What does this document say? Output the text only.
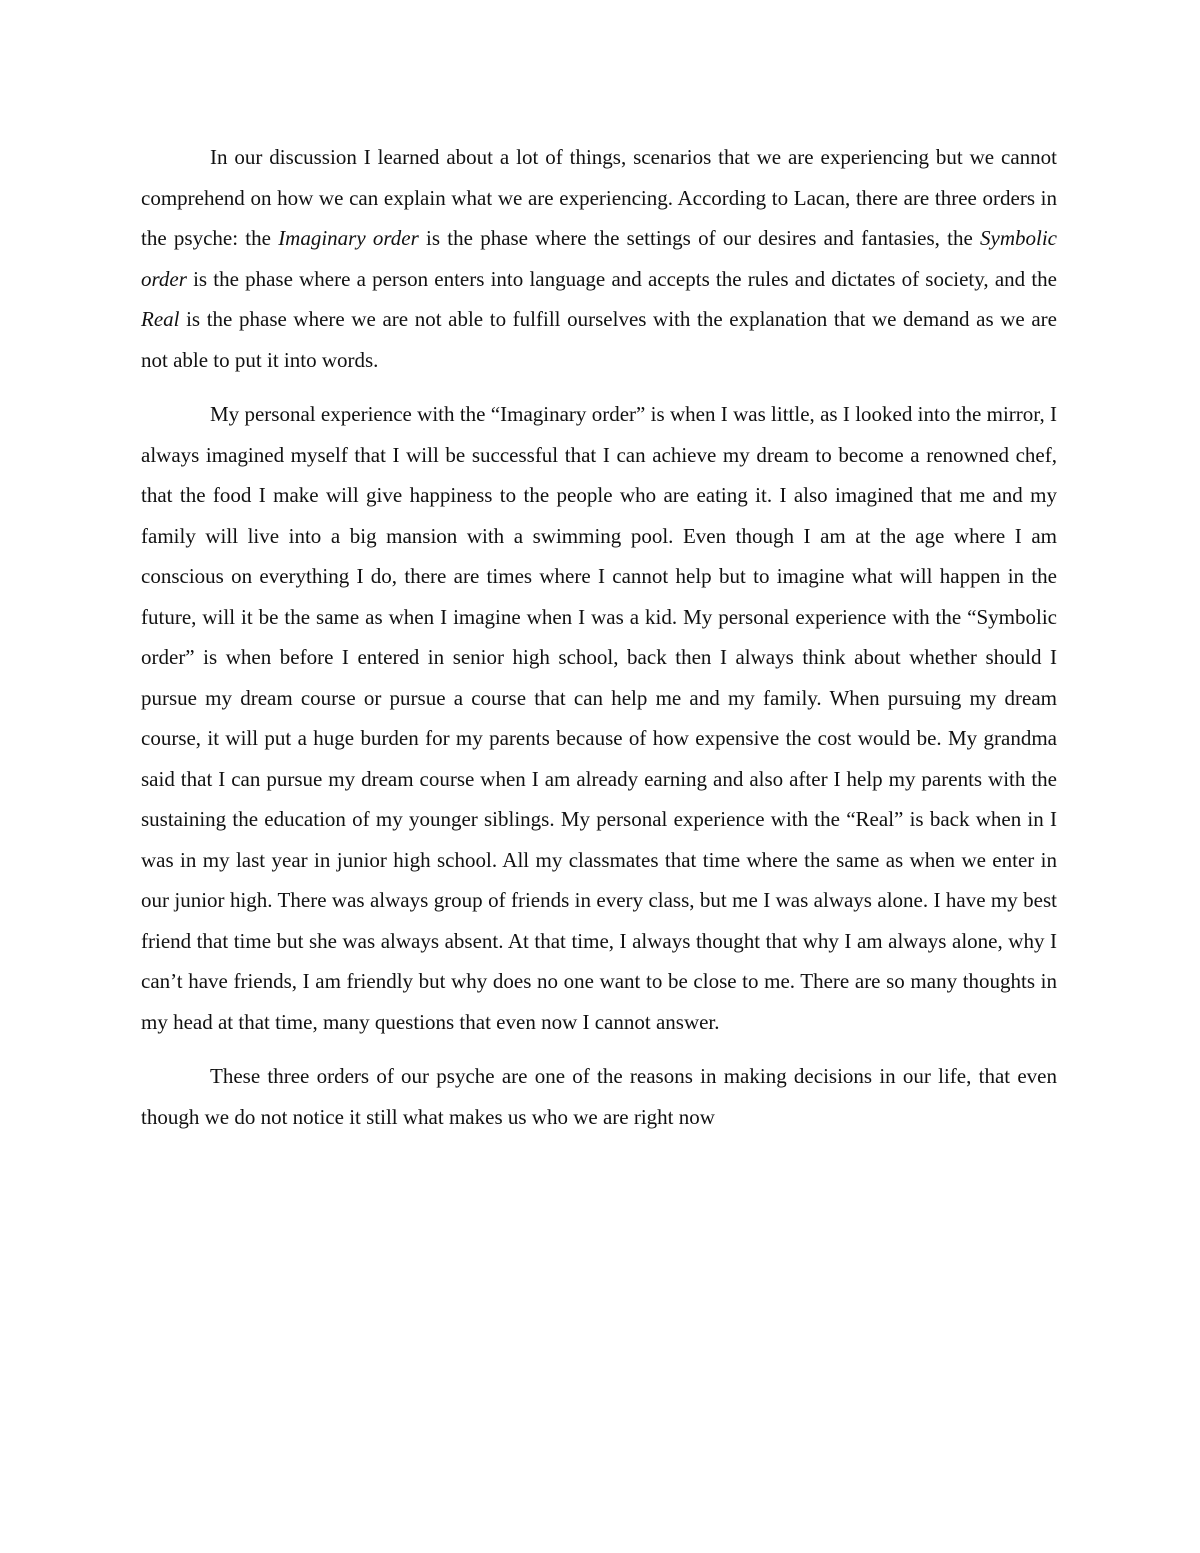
In our discussion I learned about a lot of things, scenarios that we are experiencing but we cannot comprehend on how we can explain what we are experiencing. According to Lacan, there are three orders in the psyche: the Imaginary order is the phase where the settings of our desires and fantasies, the Symbolic order is the phase where a person enters into language and accepts the rules and dictates of society, and the Real is the phase where we are not able to fulfill ourselves with the explanation that we demand as we are not able to put it into words.

My personal experience with the “Imaginary order” is when I was little, as I looked into the mirror, I always imagined myself that I will be successful that I can achieve my dream to become a renowned chef, that the food I make will give happiness to the people who are eating it. I also imagined that me and my family will live into a big mansion with a swimming pool. Even though I am at the age where I am conscious on everything I do, there are times where I cannot help but to imagine what will happen in the future, will it be the same as when I imagine when I was a kid. My personal experience with the “Symbolic order” is when before I entered in senior high school, back then I always think about whether should I pursue my dream course or pursue a course that can help me and my family. When pursuing my dream course, it will put a huge burden for my parents because of how expensive the cost would be. My grandma said that I can pursue my dream course when I am already earning and also after I help my parents with the sustaining the education of my younger siblings. My personal experience with the “Real” is back when in I was in my last year in junior high school. All my classmates that time where the same as when we enter in our junior high. There was always group of friends in every class, but me I was always alone. I have my best friend that time but she was always absent. At that time, I always thought that why I am always alone, why I can’t have friends, I am friendly but why does no one want to be close to me. There are so many thoughts in my head at that time, many questions that even now I cannot answer.

These three orders of our psyche are one of the reasons in making decisions in our life, that even though we do not notice it still what makes us who we are right now
